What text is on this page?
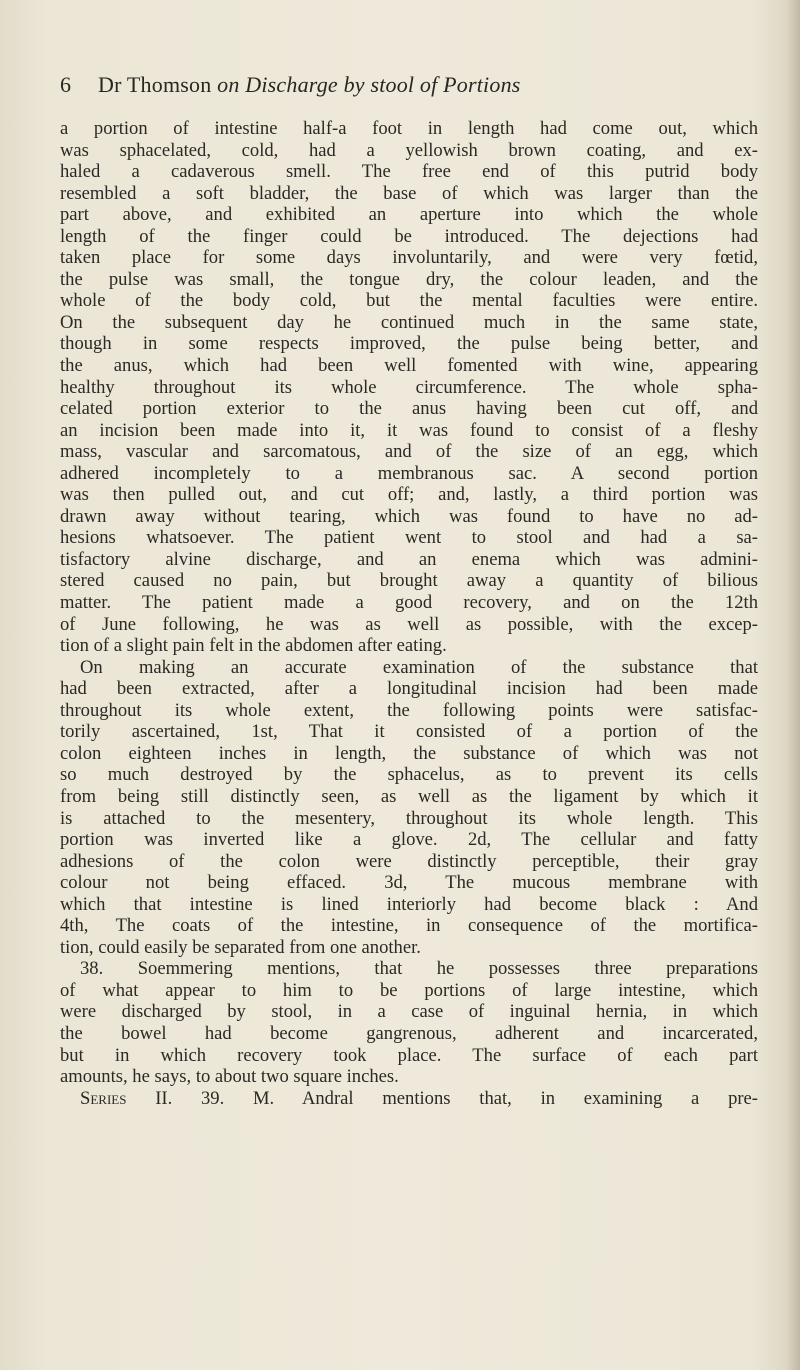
6 Dr Thomson on Discharge by stool of Portions
a portion of intestine half-a foot in length had come out, which
was sphacelated, cold, had a yellowish brown coating, and ex-
haled a cadaverous smell. The free end of this putrid body
resembled a soft bladder, the base of which was larger than the
part above, and exhibited an aperture into which the whole
length of the finger could be introduced. The dejections had
taken place for some days involuntarily, and were very fœtid,
the pulse was small, the tongue dry, the colour leaden, and the
whole of the body cold, but the mental faculties were entire.
On the subsequent day he continued much in the same state,
though in some respects improved, the pulse being better, and
the anus, which had been well fomented with wine, appearing
healthy throughout its whole circumference. The whole spha-
celated portion exterior to the anus having been cut off, and
an incision been made into it, it was found to consist of a fleshy
mass, vascular and sarcomatous, and of the size of an egg, which
adhered incompletely to a membranous sac. A second portion
was then pulled out, and cut off; and, lastly, a third portion was
drawn away without tearing, which was found to have no ad-
hesions whatsoever. The patient went to stool and had a sa-
tisfactory alvine discharge, and an enema which was admini-
stered caused no pain, but brought away a quantity of bilious
matter. The patient made a good recovery, and on the 12th
of June following, he was as well as possible, with the excep-
tion of a slight pain felt in the abdomen after eating.
On making an accurate examination of the substance that
had been extracted, after a longitudinal incision had been made
throughout its whole extent, the following points were satisfac-
torily ascertained, 1st, That it consisted of a portion of the
colon eighteen inches in length, the substance of which was not
so much destroyed by the sphacelus, as to prevent its cells
from being still distinctly seen, as well as the ligament by which it
is attached to the mesentery, throughout its whole length. This
portion was inverted like a glove. 2d, The cellular and fatty
adhesions of the colon were distinctly perceptible, their gray
colour not being effaced. 3d, The mucous membrane with
which that intestine is lined interiorly had become black : And
4th, The coats of the intestine, in consequence of the mortifica-
tion, could easily be separated from one another.
38. Soemmering mentions, that he possesses three preparations
of what appear to him to be portions of large intestine, which
were discharged by stool, in a case of inguinal hernia, in which
the bowel had become gangrenous, adherent and incarcerated,
but in which recovery took place. The surface of each part
amounts, he says, to about two square inches.
Series II. 39. M. Andral mentions that, in examining a pre-
